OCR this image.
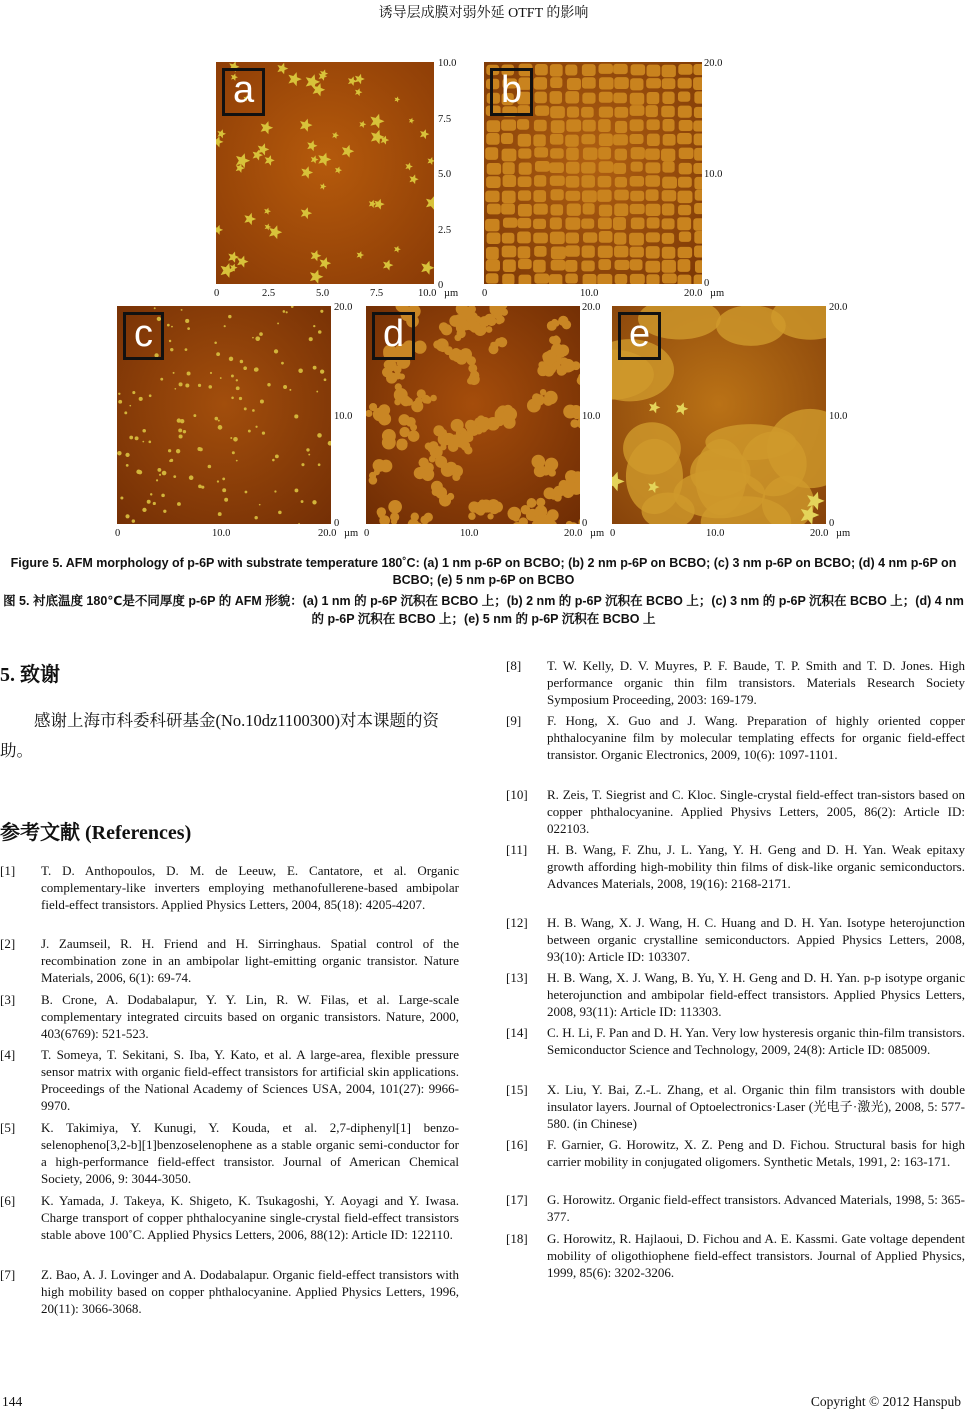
诱导层成膜对弱外延 OTFT 的影响
a
10.0
7.5
5.0
2.5
0
0	2.5	5.0	7.5	10.0 µm
b
20.0
10.0
0
0	10.0	20.0 µm
c
20.0
10.0
0
0	10.0	20.0 µm
d
20.0
10.0
0
0	10.0	20.0 µm
e
20.0
10.0
0
0	10.0	20.0 µm
Figure 5. AFM morphology of p-6P with substrate temperature 180˚C: (a) 1 nm p-6P on BCBO; (b) 2 nm p-6P on BCBO; (c) 3 nm p-6P on BCBO; (d) 4 nm p-6P on BCBO; (e) 5 nm p-6P on BCBO
图 5. 衬底温度 180℃是不同厚度 p-6P 的 AFM 形貌：(a) 1 nm 的 p-6P 沉积在 BCBO 上；(b) 2 nm 的 p-6P 沉积在 BCBO 上；(c) 3 nm 的 p-6P 沉积在 BCBO 上；(d) 4 nm 的 p-6P 沉积在 BCBO 上；(e) 5 nm 的 p-6P 沉积在 BCBO 上
5. 致谢
感谢上海市科委科研基金(No.10dz1100300)对本课题的资助。
参考文献 (References)
[1] T. D. Anthopoulos, D. M. de Leeuw, E. Cantatore, et al. Organic complementary-like inverters employing methanofullerene-based ambipolar field-effect transistors. Applied Physics Letters, 2004, 85(18): 4205-4207.
[2] J. Zaumseil, R. H. Friend and H. Sirringhaus. Spatial control of the recombination zone in an ambipolar light-emitting organic transistor. Nature Materials, 2006, 6(1): 69-74.
[3] B. Crone, A. Dodabalapur, Y. Y. Lin, R. W. Filas, et al. Large-scale complementary integrated circuits based on organic transistors. Nature, 2000, 403(6769): 521-523.
[4] T. Someya, T. Sekitani, S. Iba, Y. Kato, et al. A large-area, flexible pressure sensor matrix with organic field-effect transistors for artificial skin applications. Proceedings of the National Academy of Sciences USA, 2004, 101(27): 9966-9970.
[5] K. Takimiya, Y. Kunugi, Y. Kouda, et al. 2,7-diphenyl[1] benzo-selenopheno[3,2-b][1]benzoselenophene as a stable organic semi-conductor for a high-performance field-effect transistor. Journal of American Chemical Society, 2006, 9: 3044-3050.
[6] K. Yamada, J. Takeya, K. Shigeto, K. Tsukagoshi, Y. Aoyagi and Y. Iwasa. Charge transport of copper phthalocyanine single-crystal field-effect transistors stable above 100˚C. Applied Physics Letters, 2006, 88(12): Article ID: 122110.
[7] Z. Bao, A. J. Lovinger and A. Dodabalapur. Organic field-effect transistors with high mobility based on copper phthalocyanine. Applied Physics Letters, 1996, 20(11): 3066-3068.
[8] T. W. Kelly, D. V. Muyres, P. F. Baude, T. P. Smith and T. D. Jones. High performance organic thin film transistors. Materials Research Society Symposium Proceeding, 2003: 169-179.
[9] F. Hong, X. Guo and J. Wang. Preparation of highly oriented copper phthalocyanine film by molecular templating effects for organic field-effect transistor. Organic Electronics, 2009, 10(6): 1097-1101.
[10] R. Zeis, T. Siegrist and C. Kloc. Single-crystal field-effect tran-sistors based on copper phthalocyanine. Applied Physivs Letters, 2005, 86(2): Article ID: 022103.
[11] H. B. Wang, F. Zhu, J. L. Yang, Y. H. Geng and D. H. Yan. Weak epitaxy growth affording high-mobility thin films of disk-like organic semiconductors. Advances Materials, 2008, 19(16): 2168-2171.
[12] H. B. Wang, X. J. Wang, H. C. Huang and D. H. Yan. Isotype heterojunction between organic crystalline semiconductors. Appied Physics Letters, 2008, 93(10): Article ID: 103307.
[13] H. B. Wang, X. J. Wang, B. Yu, Y. H. Geng and D. H. Yan. p-p isotype organic heterojunction and ambipolar field-effect transistors. Applied Physics Letters, 2008, 93(11): Article ID: 113303.
[14] C. H. Li, F. Pan and D. H. Yan. Very low hysteresis organic thin-film transistors. Semiconductor Science and Technology, 2009, 24(8): Article ID: 085009.
[15] X. Liu, Y. Bai, Z.-L. Zhang, et al. Organic thin film transistors with double insulator layers. Journal of Optoelectronics·Laser (光电子·激光), 2008, 5: 577-580. (in Chinese)
[16] F. Garnier, G. Horowitz, X. Z. Peng and D. Fichou. Structural basis for high carrier mobility in conjugated oligomers. Synthetic Metals, 1991, 2: 163-171.
[17] G. Horowitz. Organic field-effect transistors. Advanced Materials, 1998, 5: 365-377.
[18] G. Horowitz, R. Hajlaoui, D. Fichou and A. E. Kassmi. Gate voltage dependent mobility of oligothiophene field-effect transistors. Journal of Applied Physics, 1999, 85(6): 3202-3206.
144	Copyright © 2012 Hanspub
